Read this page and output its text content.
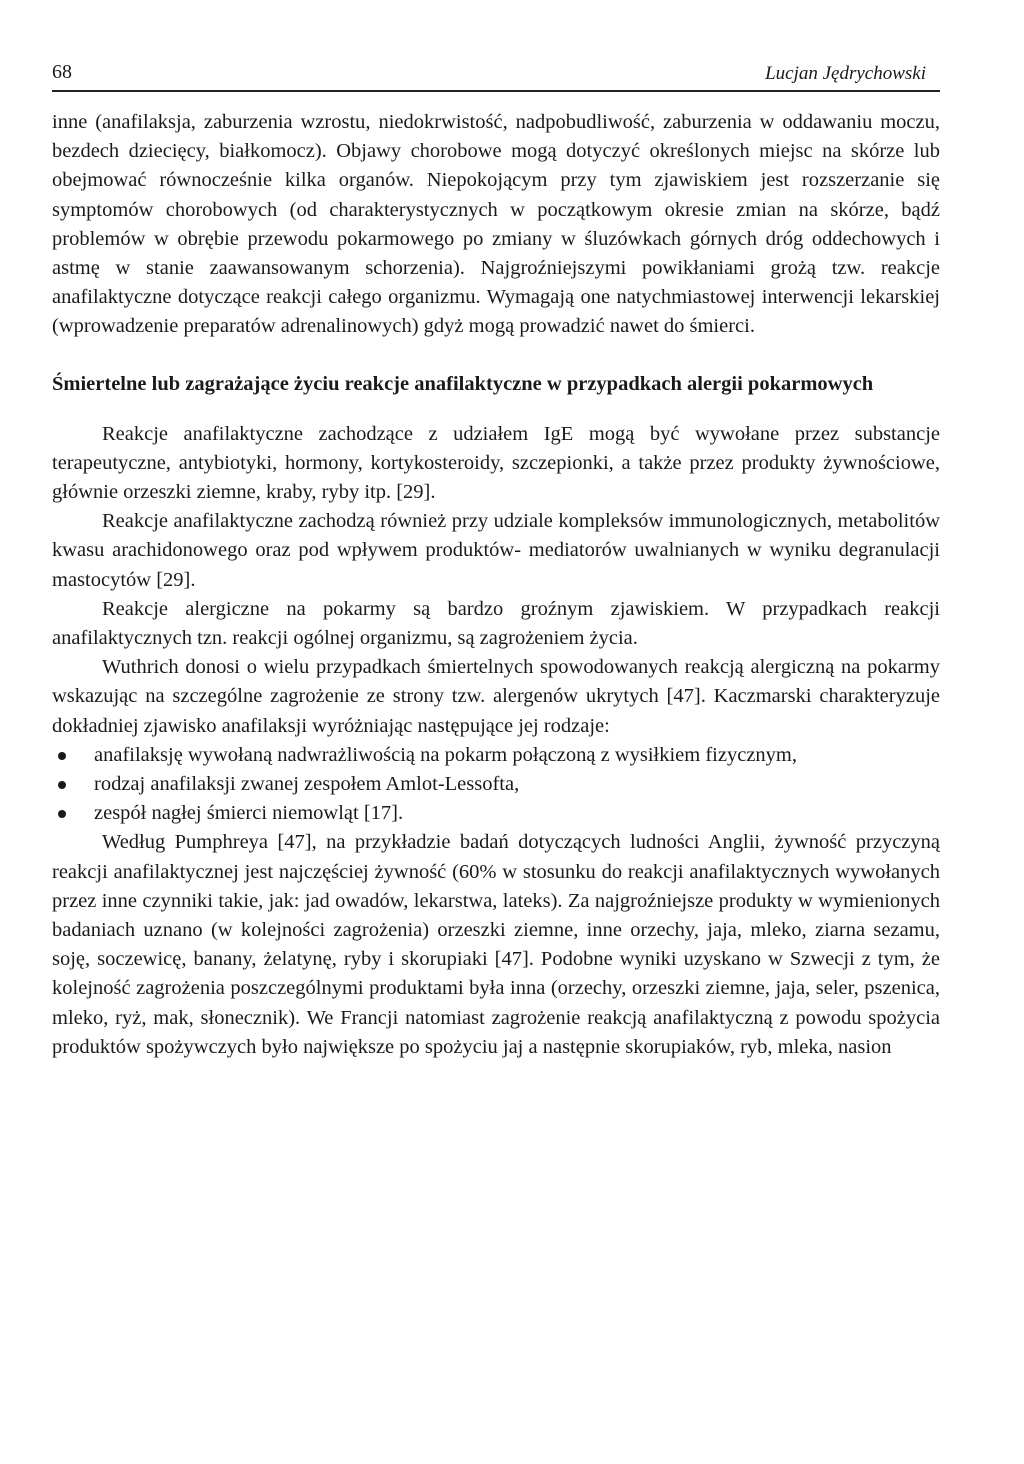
68	Lucjan Jędrychowski

inne (anafilaksja, zaburzenia wzrostu, niedokrwistość, nadpobudliwość, zaburzenia w oddawaniu moczu, bezdech dziecięcy, białkomocz). Objawy chorobowe mogą dotyczyć określonych miejsc na skórze lub obejmować równocześnie kilka organów. Niepokojącym przy tym zjawiskiem jest rozszerzanie się symptomów chorobowych (od charakterystycznych w początkowym okresie zmian na skórze, bądź problemów w obrębie przewodu pokarmowego po zmiany w śluzówkach górnych dróg oddechowych i astmę w stanie zaawansowanym schorzenia). Najgroźniejszymi powikłaniami grożą tzw. reakcje anafilaktyczne dotyczące reakcji całego organizmu. Wymagają one natychmiastowej interwencji lekarskiej (wprowadzenie preparatów adrenalinowych) gdyż mogą prowadzić nawet do śmierci.

Śmiertelne lub zagrażające życiu reakcje anafilaktyczne w przypadkach alergii pokarmowych

Reakcje anafilaktyczne zachodzące z udziałem IgE mogą być wywołane przez substancje terapeutyczne, antybiotyki, hormony, kortykosteroidy, szczepionki, a także przez produkty żywnościowe, głównie orzeszki ziemne, kraby, ryby itp. [29].

Reakcje anafilaktyczne zachodzą również przy udziale kompleksów immunologicznych, metabolitów kwasu arachidonowego oraz pod wpływem produktów- mediatorów uwalnianych w wyniku degranulacji mastocytów [29].

Reakcje alergiczne na pokarmy są bardzo groźnym zjawiskiem. W przypadkach reakcji anafilaktycznych tzn. reakcji ogólnej organizmu, są zagrożeniem życia.

Wuthrich donosi o wielu przypadkach śmiertelnych spowodowanych reakcją alergiczną na pokarmy wskazując na szczególne zagrożenie ze strony tzw. alergenów ukrytych [47]. Kaczmarski charakteryzuje dokładniej zjawisko anafilaksji wyróżniając następujące jej rodzaje:

anafilaksję wywołaną nadwrażliwością na pokarm połączoną z wysiłkiem fizycznym,
rodzaj anafilaksji zwanej zespołem Amlot-Lessofta,
zespół nagłej śmierci niemowląt [17].

Według Pumphreya [47], na przykładzie badań dotyczących ludności Anglii, żywność przyczyną reakcji anafilaktycznej jest najczęściej żywność (60% w stosunku do reakcji anafilaktycznych wywołanych przez inne czynniki takie, jak: jad owadów, lekarstwa, lateks). Za najgroźniejsze produkty w wymienionych badaniach uznano (w kolejności zagrożenia) orzeszki ziemne, inne orzechy, jaja, mleko, ziarna sezamu, soję, soczewicę, banany, żelatynę, ryby i skorupiaki [47]. Podobne wyniki uzyskano w Szwecji z tym, że kolejność zagrożenia poszczególnymi produktami była inna (orzechy, orzeszki ziemne, jaja, seler, pszenica, mleko, ryż, mak, słonecznik). We Francji natomiast zagrożenie reakcją anafilaktyczną z powodu spożycia produktów spożywczych było największe po spożyciu jaj a następnie skorupiaków, ryb, mleka, nasion
